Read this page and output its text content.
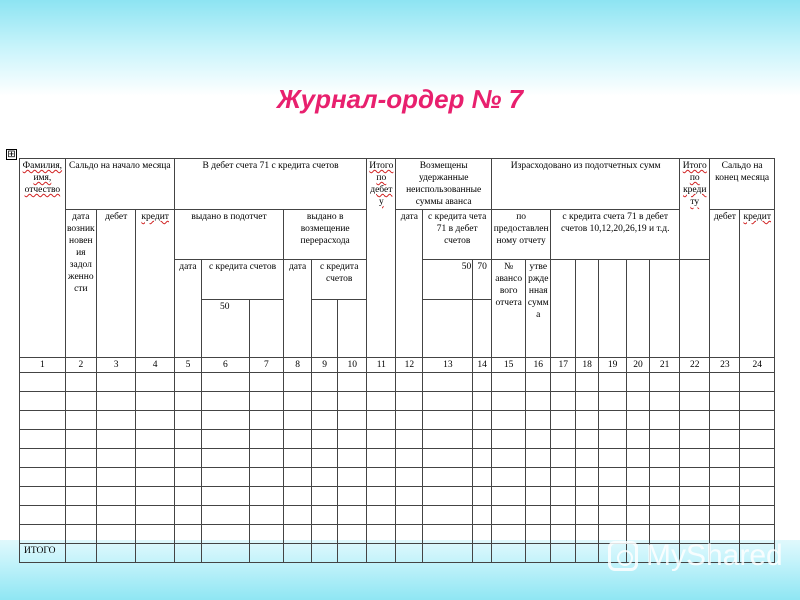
Журнал-ордер № 7
⊞
Фамилия, имя, отчество	Сальдо на начало месяца			В дебет счета 71 с кредита счетов						Итого по дебету	Возмещены удержанные неиспользованные суммы аванса			Израсходовано из подотчетных сумм							Итого по кредиту	Сальдо на конец месяца	
	дата возникновения задолженности	дебет	кредит	выдано в подотчет			выдано в возмещение перерасхода				дата	с кредита чета 71 в дебет счетов		по предоставленному отчету		с кредита счета 71 в дебет счетов 10,12,20,26,19 и т.д.						дебет	кредит
				дата	с кредита счетов		дата	с кредита счетов				50	70	№ авансового отчета	утвержденная сумма								
					50																		
1	2	3	4	5	6	7	8	9	10	11	12	13	14	15	16	17	18	19	20	21	22	23	24

ИТОГО																								MyShared
